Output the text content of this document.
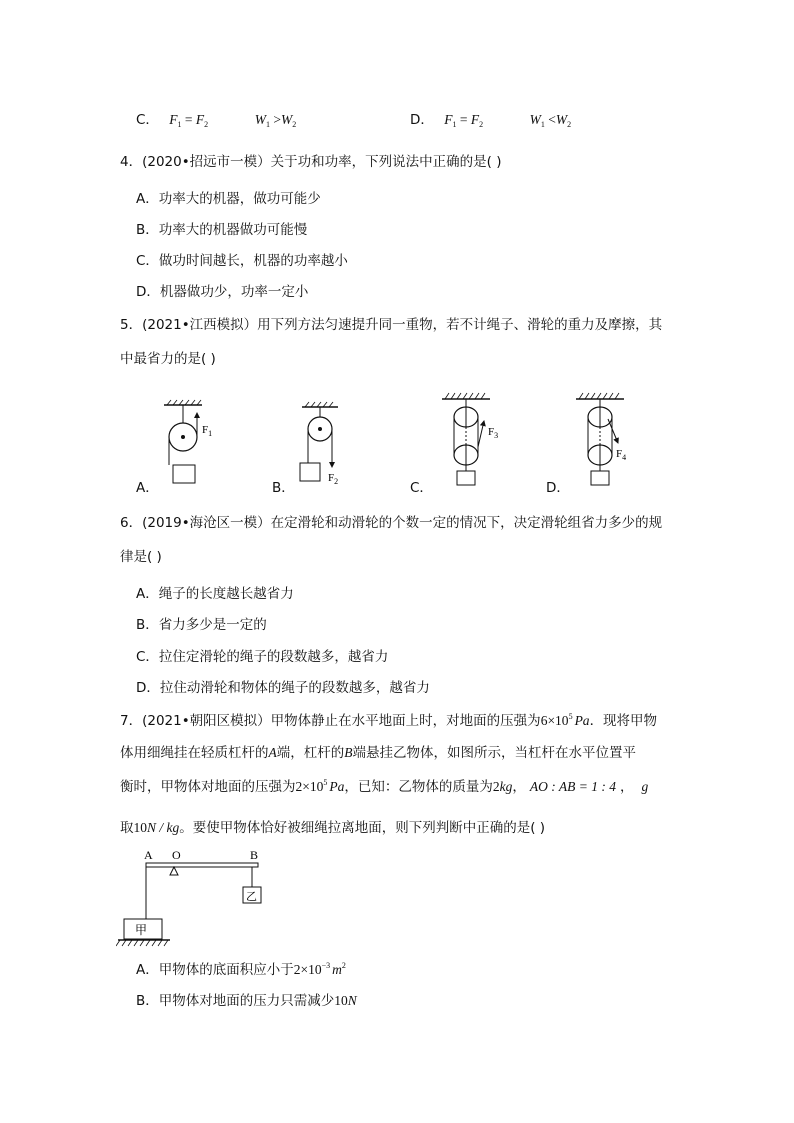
C． $F_1 = F_2$	$W_1 >W_2$	D． $F_1 = F_2$	$W_1 <W_2$
4．(2020•招远市一模）关于功和功率，下列说法中正确的是( )
A．功率大的机器，做功可能少
B．功率大的机器做功可能慢
C．做功时间越长，机器的功率越小
D．机器做功少，功率一定小
5．(2021•江西模拟）用下列方法匀速提升同一重物，若不计绳子、滑轮的重力及摩擦，其
中最省力的是( )
$F_1$
$F_2$
$F_3$
$F_4$
A．	B．	C．	D．
6．(2019•海沧区一模）在定滑轮和动滑轮的个数一定的情况下，决定滑轮组省力多少的规
律是( )
A．绳子的长度越长越省力
B．省力多少是一定的
C．拉住定滑轮的绳子的段数越多，越省力
D．拉住动滑轮和物体的绳子的段数越多，越省力
7．(2021•朝阳区模拟）甲物体静止在水平地面上时，对地面的压强为$6\times 10^5$ Pa．现将甲物
体用细绳挂在轻质杠杆的A端，杠杆的B端悬挂乙物体，如图所示，当杠杆在水平位置平
衡时，甲物体对地面的压强为$2\times 10^5$ Pa，已知：乙物体的质量为2kg， AO : AB = 1 : 4 ， g
取10N / kg。要使甲物体恰好被细绳拉离地面，则下列判断中正确的是( )
A O	B
乙
甲
A．甲物体的底面积应小于$2\times 10^{-3}$ $m^2$
B．甲物体对地面的压力只需减少10N
